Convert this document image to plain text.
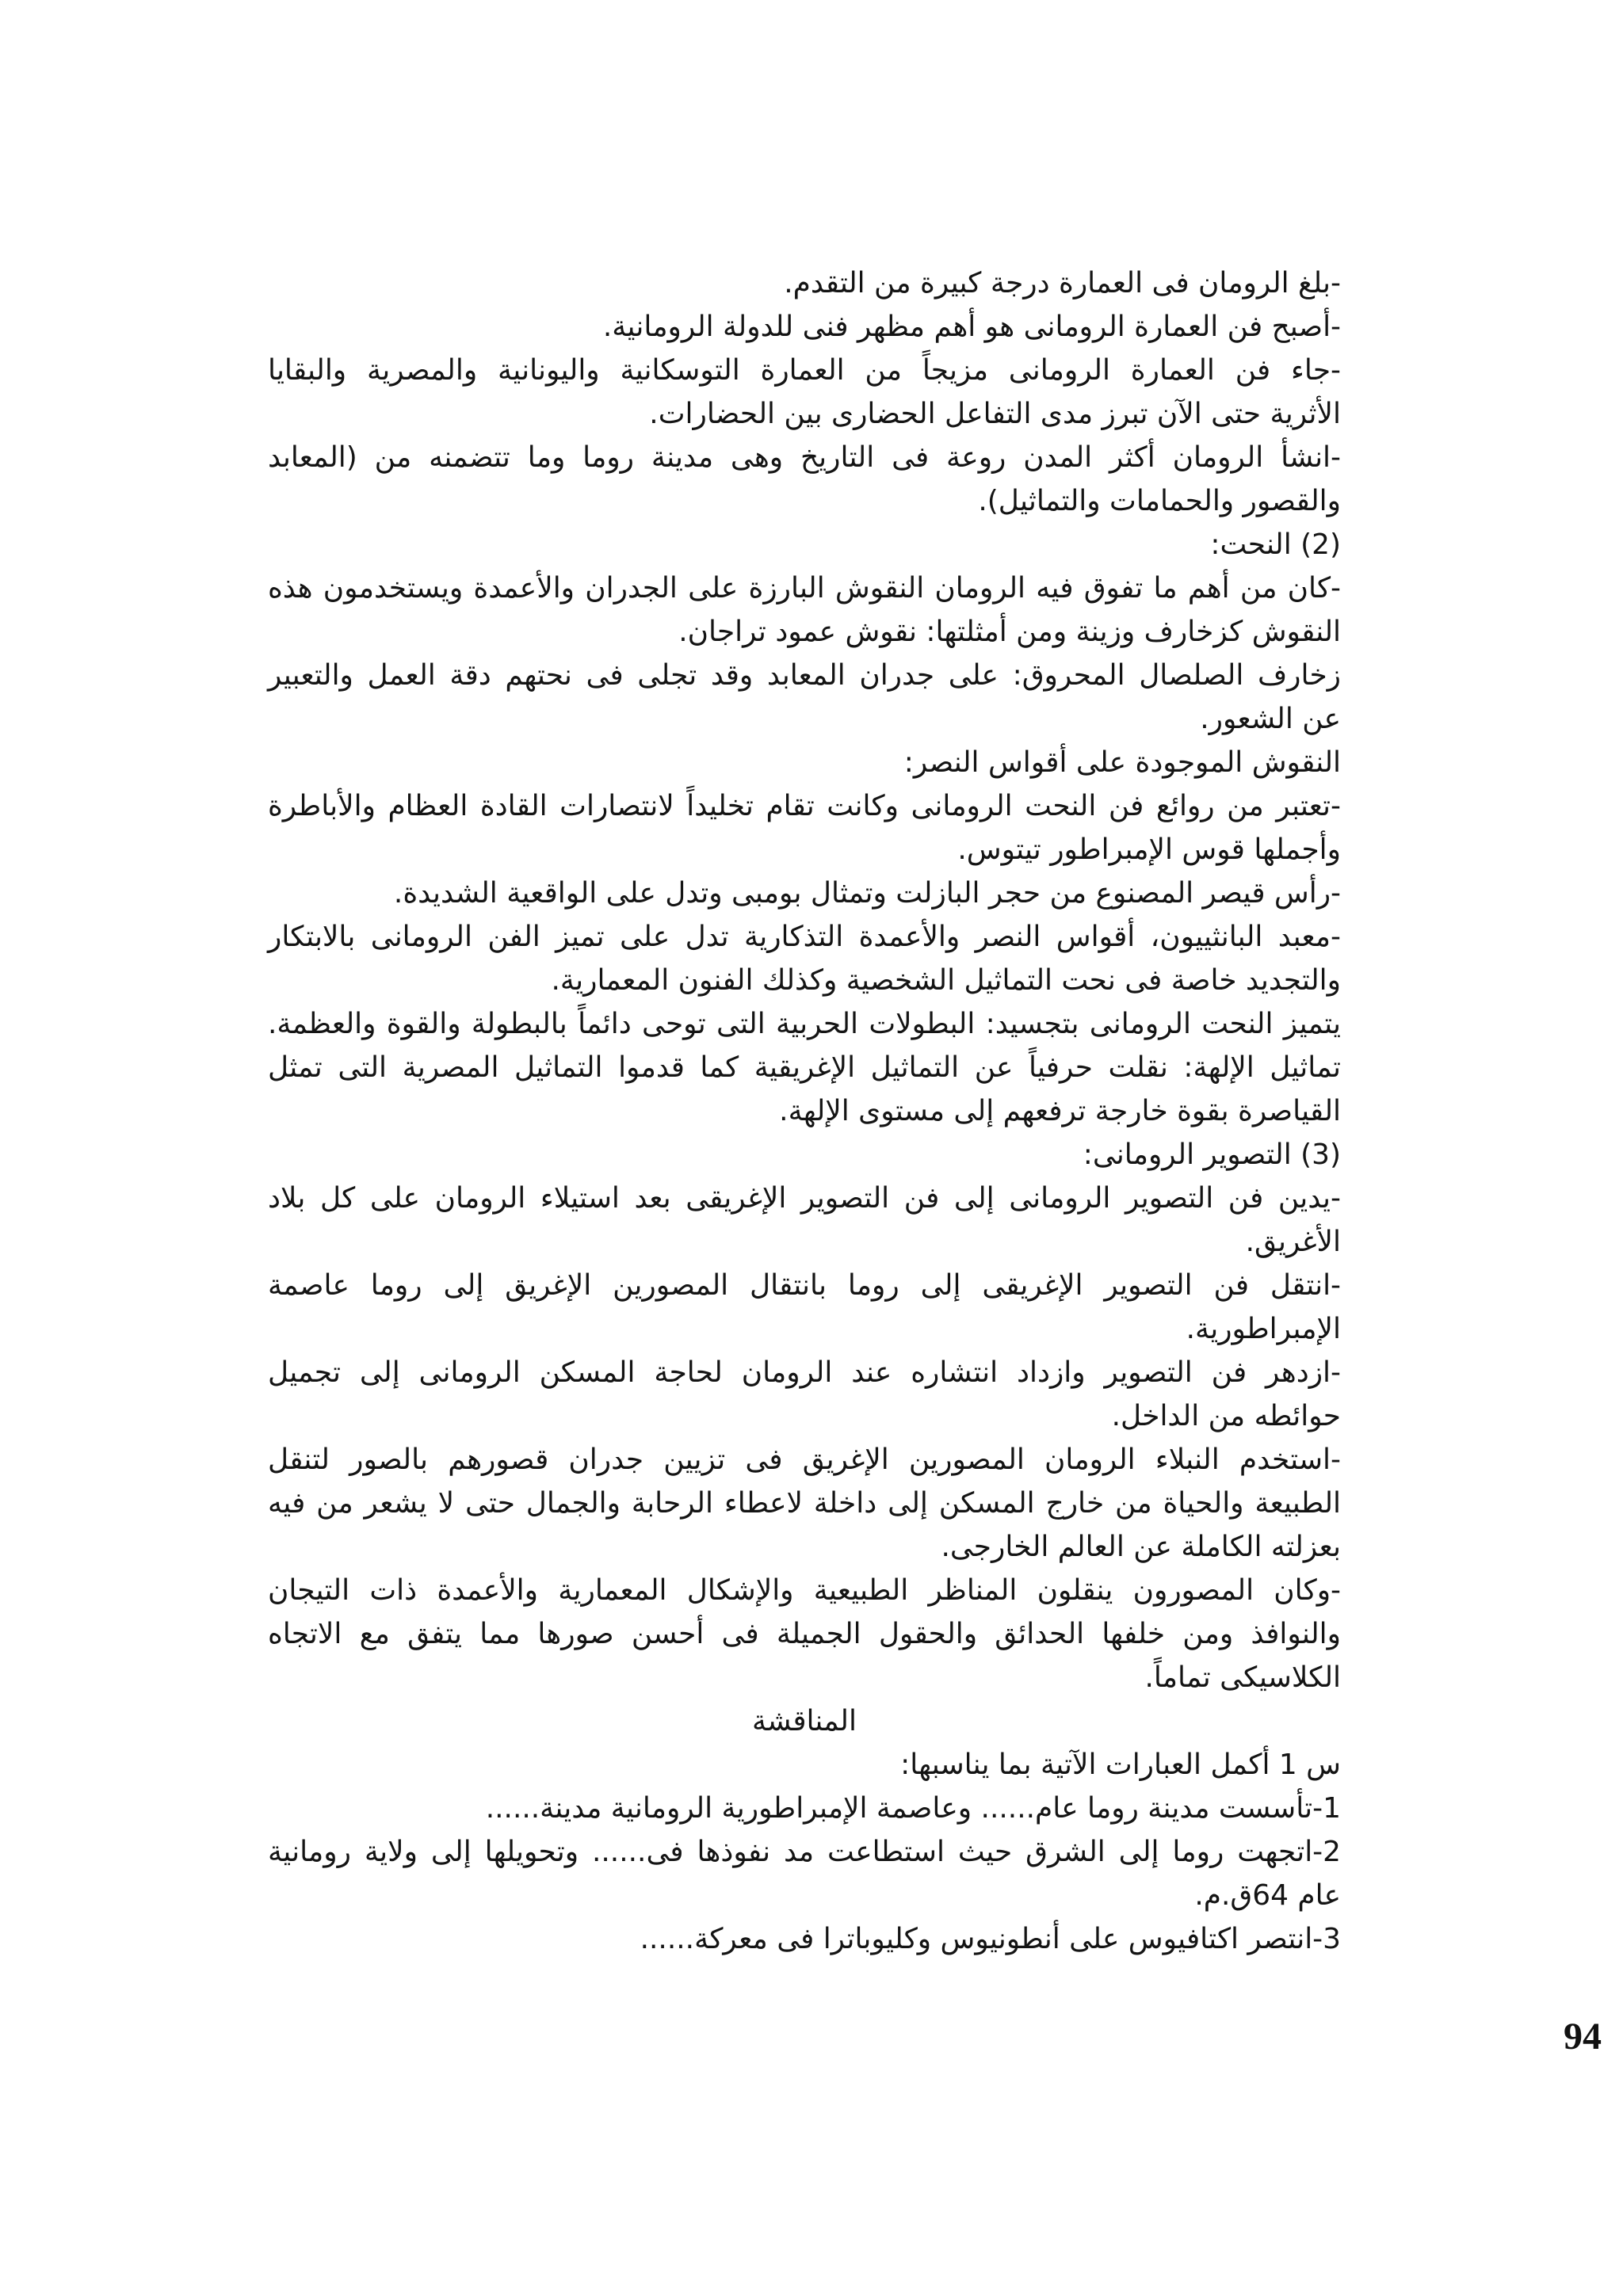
-بلغ الرومان فى العمارة درجة كبيرة من التقدم.
-أصبح فن العمارة الرومانى هو أهم مظهر فنى للدولة الرومانية.
-جاء فن العمارة الرومانى مزيجاً من العمارة التوسكانية واليونانية والمصرية والبقايا
الأثرية حتى الآن تبرز مدى التفاعل الحضارى بين الحضارات.
-انشأ الرومان أكثر المدن روعة فى التاريخ وهى مدينة روما وما تتضمنه من (المعابد
والقصور والحمامات والتماثيل).
(2) النحت:
-كان من أهم ما تفوق فيه الرومان النقوش البارزة على الجدران والأعمدة ويستخدمون هذه
النقوش كزخارف وزينة ومن أمثلتها: نقوش عمود تراجان.
زخارف الصلصال المحروق: على جدران المعابد وقد تجلى فى نحتهم دقة العمل والتعبير
عن الشعور.
النقوش الموجودة على أقواس النصر:
-تعتبر من روائع فن النحت الرومانى وكانت تقام تخليداً لانتصارات القادة العظام والأباطرة
وأجملها قوس الإمبراطور تيتوس.
-رأس قيصر المصنوع من حجر البازلت وتمثال بومبى وتدل على الواقعية الشديدة.
-معبد البانثييون، أقواس النصر والأعمدة التذكارية تدل على تميز الفن الرومانى بالابتكار
والتجديد خاصة فى نحت التماثيل الشخصية وكذلك الفنون المعمارية.
يتميز النحت الرومانى بتجسيد: البطولات الحربية التى توحى دائماً بالبطولة والقوة والعظمة.
تماثيل الإلهة: نقلت حرفياً عن التماثيل الإغريقية كما قدموا التماثيل المصرية التى تمثل
القياصرة بقوة خارجة ترفعهم إلى مستوى الإلهة.
(3) التصوير الرومانى:
-يدين فن التصوير الرومانى إلى فن التصوير الإغريقى بعد استيلاء الرومان على كل بلاد
الأغريق.
-انتقل فن التصوير الإغريقى إلى روما بانتقال المصورين الإغريق إلى روما عاصمة
الإمبراطورية.
-ازدهر فن التصوير وازداد انتشاره عند الرومان لحاجة المسكن الرومانى إلى تجميل
حوائطه من الداخل.
-استخدم النبلاء الرومان المصورين الإغريق فى تزيين جدران قصورهم بالصور لتنقل
الطبيعة والحياة من خارج المسكن إلى داخلة لاعطاء الرحابة والجمال حتى لا يشعر من فيه
بعزلته الكاملة عن العالم الخارجى.
-وكان المصورون ينقلون المناظر الطبيعية والإشكال المعمارية والأعمدة ذات التيجان
والنوافذ ومن خلفها الحدائق والحقول الجميلة فى أحسن صورها مما يتفق مع الاتجاه
الكلاسيكى تماماً.
المناقشة
س 1 أكمل العبارات الآتية بما يناسبها:
1-تأسست مدينة روما عام...... وعاصمة الإمبراطورية الرومانية مدينة......
2-اتجهت روما إلى الشرق حيث استطاعت مد نفوذها فى...... وتحويلها إلى ولاية رومانية
عام 64ق.م.
3-انتصر اكتافيوس على أنطونيوس وكليوباترا فى معركة......
94
